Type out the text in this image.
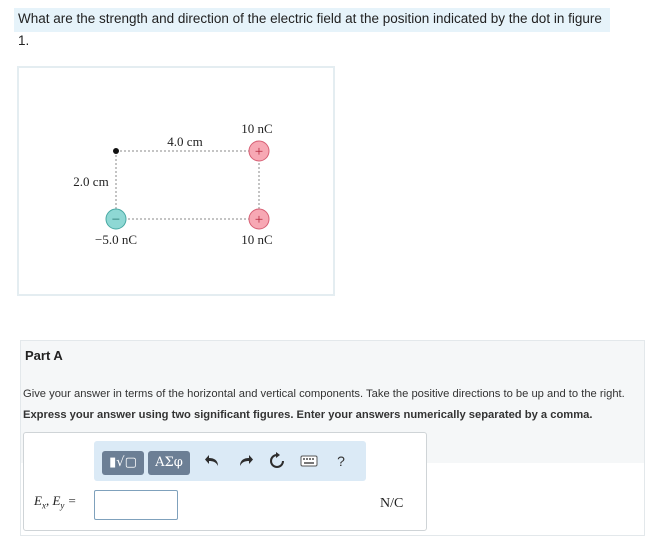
What are the strength and direction of the electric field at the position indicated by the dot in figure 1.
+
+
−
4.0 cm
2.0 cm
10 nC
10 nC
−5.0 nC
Part A
Give your answer in terms of the horizontal and vertical components. Take the positive directions to be up and to the right.
Express your answer using two significant figures. Enter your answers numerically separated by a comma.
▮√▢	ΑΣφ	?
$E_x$, $E_y$ =	N/C
